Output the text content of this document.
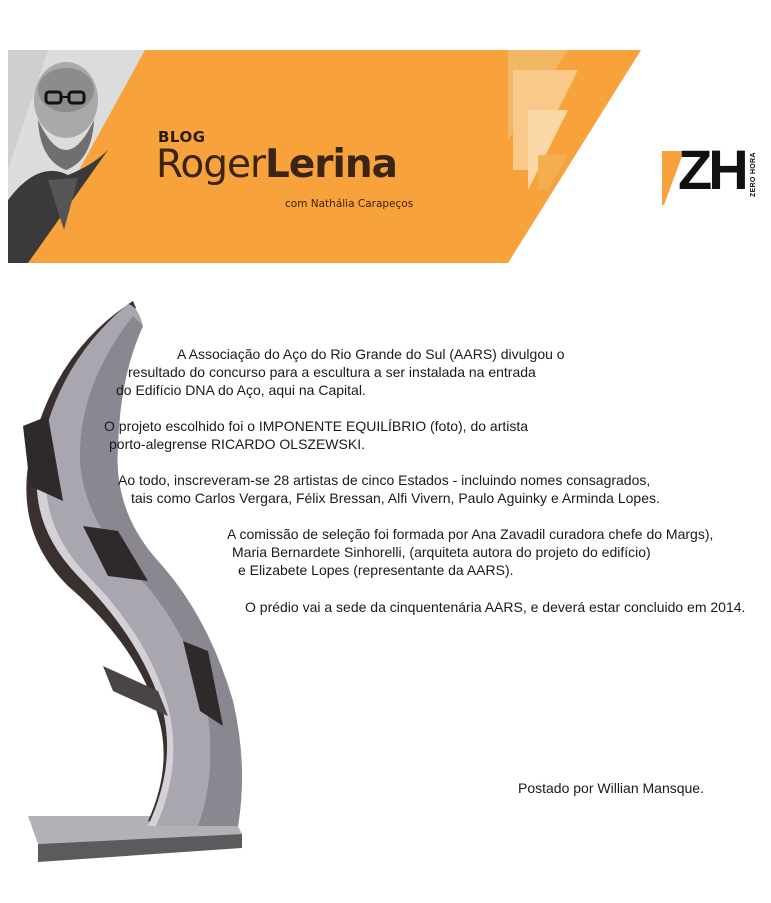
BLOG
RogerLerina
com Nathália Carapeços
ZH ZERO HORA
A Associação do Aço do Rio Grande do Sul (AARS) divulgou o
resultado do concurso para a escultura a ser instalada na entrada
do Edifício DNA do Aço, aqui na Capital.
O projeto escolhido foi o IMPONENTE EQUILÍBRIO (foto), do artista
porto-alegrense RICARDO OLSZEWSKI.
Ao todo, inscreveram-se 28 artistas de cinco Estados - incluindo nomes consagrados,
tais como Carlos Vergara, Félix Bressan, Alfi Vivern, Paulo Aguinky e Arminda Lopes.
A comissão de seleção foi formada por Ana Zavadil curadora chefe do Margs),
Maria Bernardete Sinhorelli, (arquiteta autora do projeto do edifício)
e Elizabete Lopes (representante da AARS).
O prédio vai a sede da cinquentenária AARS, e deverá estar concluido em 2014.
Postado por Willian Mansque.
